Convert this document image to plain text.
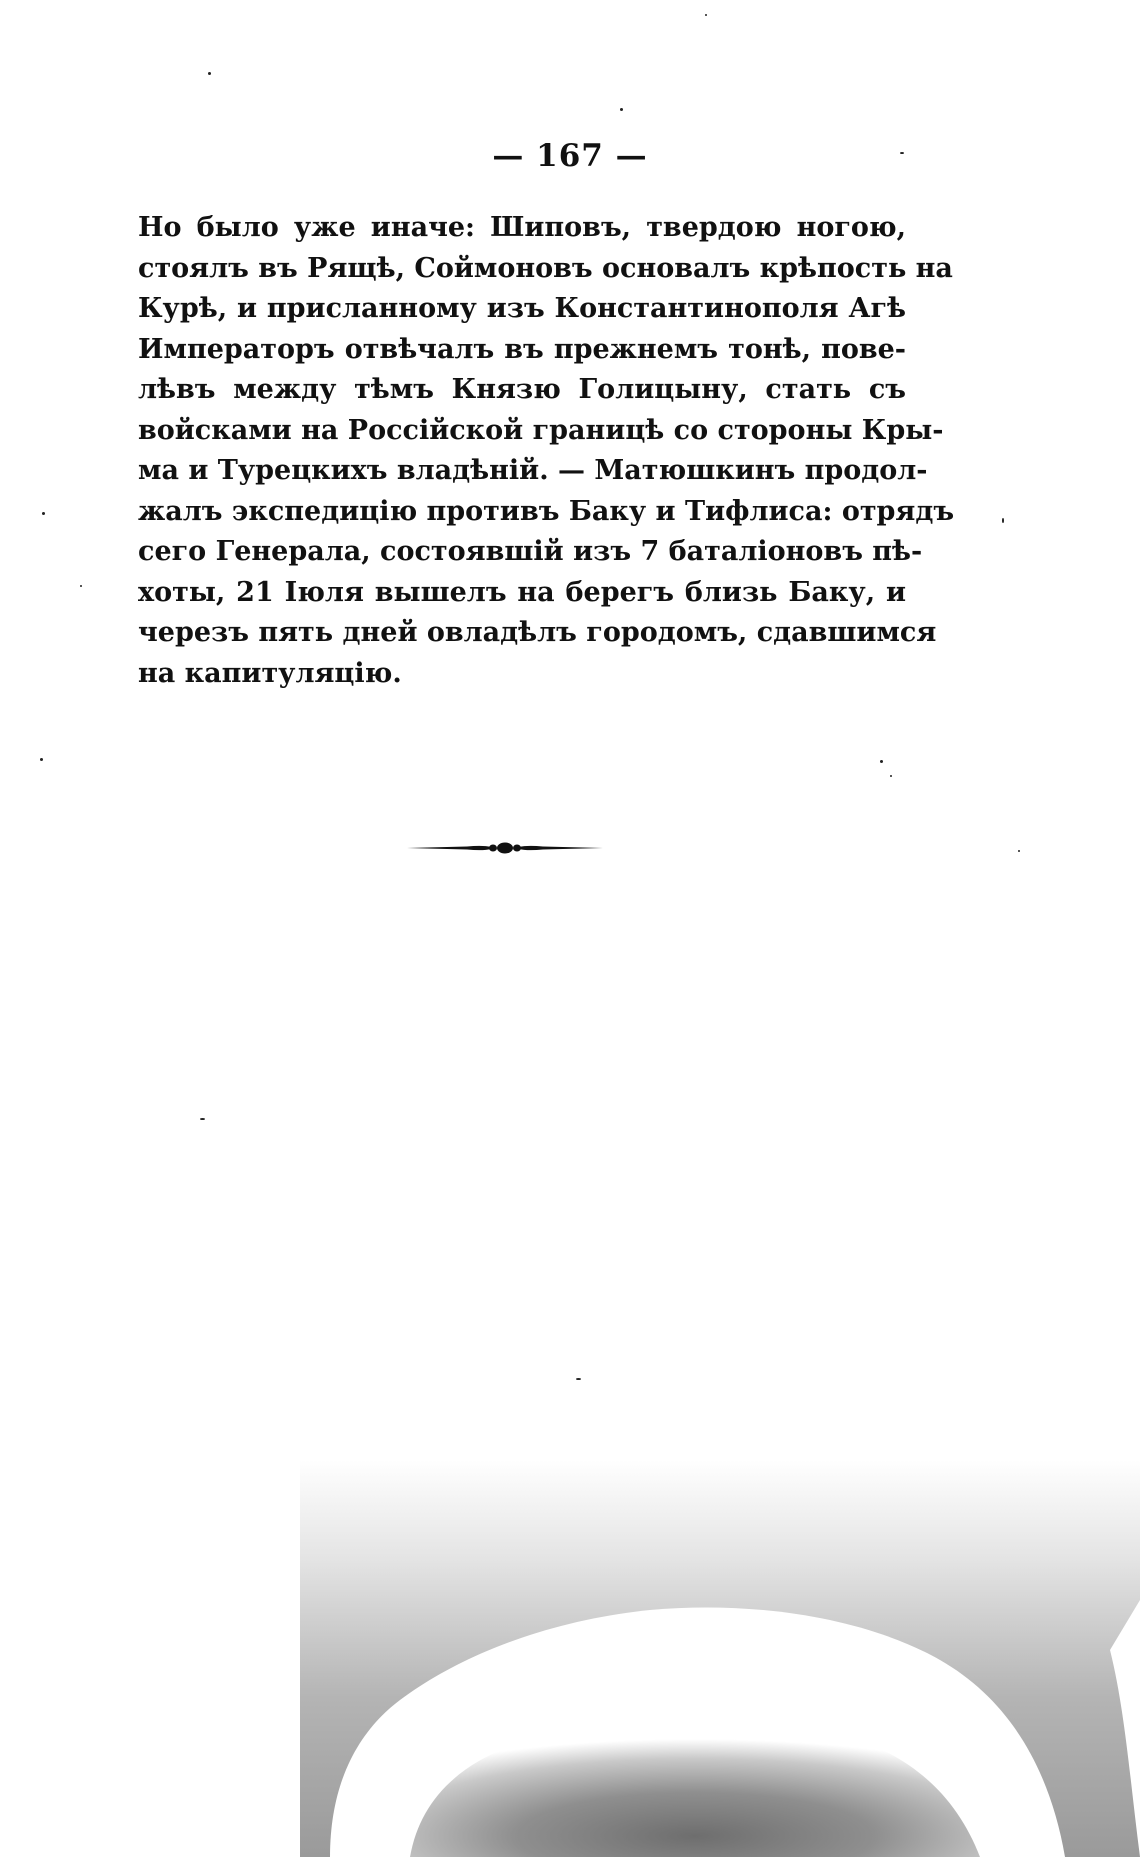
— 167 —

Но было уже иначе: Шиповъ, твердою ногою,
стоялъ въ Рящѣ, Соймоновъ основалъ крѣпость на
Курѣ, и присланному изъ Константинополя Агѣ
Императоръ отвѣчалъ въ прежнемъ тонѣ, пове-
лѣвъ между тѣмъ Князю Голицыну, стать съ
войсками на Россійской границѣ со стороны Кры-
ма и Турецкихъ владѣній. — Матюшкинъ продол-
жалъ экспедицію противъ Баку и Тифлиса: отрядъ
сего Генерала, состоявшій изъ 7 баталіоновъ пѣ-
хоты, 21 Іюля вышелъ на берегъ близь Баку, и
черезъ пять дней овладѣлъ городомъ, сдавшимся
на капитуляцію.
